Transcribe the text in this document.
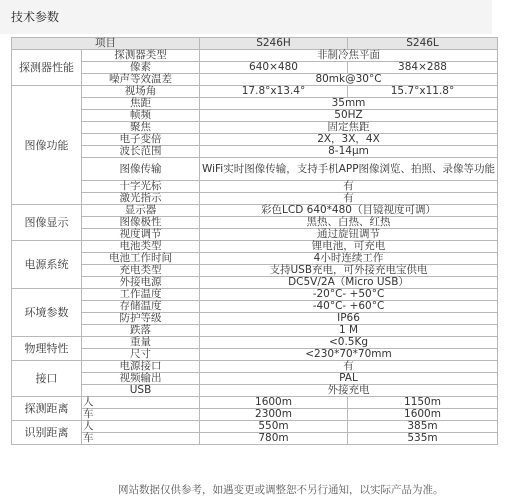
技术参数
项目			S246H	S246L
探测器性能	探测器类型		非制冷焦平面	
	像素		640×480	384×288
	噪声等效温差		80mk@30°C	
图像功能	视场角		17.8°x13.4°	15.7°x11.8°
	焦距		35mm	
	帧频		50HZ	
	聚焦		固定焦距	
	电子变倍		2X，3X，4X	
	波长范围		8-14μm	
	图像传输		WiFi实时图像传输，支持手机APP图像浏览、拍照、录像等功能	
	十字光标		有	
	激光指示		有	
图像显示	显示器		彩色LCD 640*480（目镜视度可调）	
	图像极性		黑热、白热、红热	
	视度调节		通过旋钮调节	
电源系统	电池类型		锂电池，可充电	
	电池工作时间		4小时连续工作	
	充电类型		支持USB充电，可外接充电宝供电	
	外接电源		DC5V/2A（Micro USB）	
环境参数	工作温度		-20°C- +50°C	
	存储温度		-40°C- +60°C	
	防护等级		IP66	
	跌落		1 M	
物理特性	重量		<0.5Kg	
	尺寸		<230*70*70mm	
接口	电源接口		有	
	视频输出		PAL	
	USB		外接充电	
探测距离	人		1600m	1150m
	车		2300m	1600m
识别距离	人		550m	385m
	车		780m	535m
网站数据仅供参考，如遇变更或调整恕不另行通知，以实际产品为准。
